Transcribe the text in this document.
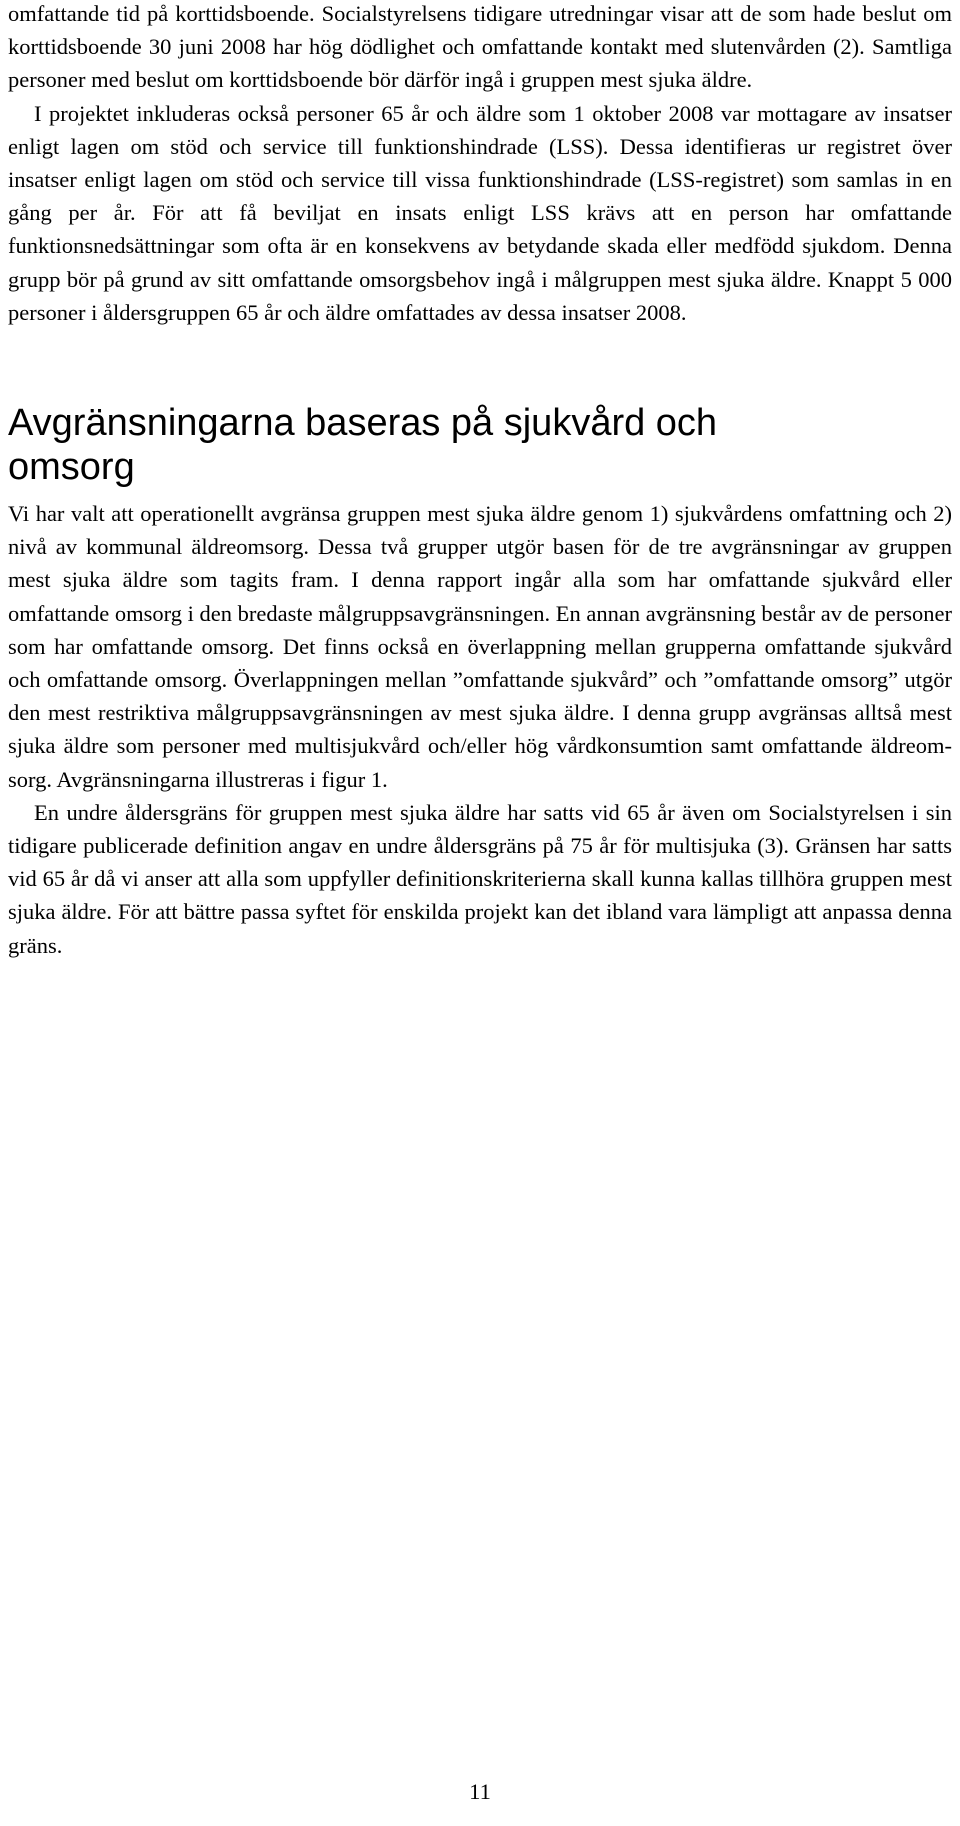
omfattande tid på korttidsboende. Socialstyrelsens tidigare utredningar visar att de som hade beslut om korttidsboende 30 juni 2008 har hög dödlighet och omfattande kontakt med slutenvården (2). Samtliga personer med beslut om korttidsboende bör därför ingå i gruppen mest sjuka äldre.

I projektet inkluderas också personer 65 år och äldre som 1 oktober 2008 var mottagare av insatser enligt lagen om stöd och service till funktionshindrade (LSS). Dessa identifieras ur registret över insatser enligt lagen om stöd och service till vissa funktionshindrade (LSS-registret) som samlas in en gång per år. För att få beviljat en insats enligt LSS krävs att en person har omfattande funktionsnedsättningar som ofta är en konsekvens av betydande skada eller medfödd sjukdom. Denna grupp bör på grund av sitt omfattande omsorgsbehov ingå i målgruppen mest sjuka äldre. Knappt 5 000 personer i åldersgruppen 65 år och äldre omfattades av dessa insatser 2008.

Avgränsningarna baseras på sjukvård och omsorg

Vi har valt att operationellt avgränsa gruppen mest sjuka äldre genom 1) sjukvårdens omfattning och 2) nivå av kommunal äldreomsorg. Dessa två grupper utgör basen för de tre avgränsningar av gruppen mest sjuka äldre som tagits fram. I denna rapport ingår alla som har omfattande sjukvård eller omfattande omsorg i den bredaste målgruppsavgränsningen. En annan avgränsning består av de personer som har omfattande omsorg. Det finns också en överlappning mellan grupperna omfattande sjukvård och omfattande omsorg. Överlappningen mellan ”omfattande sjukvård” och ”omfattande omsorg” utgör den mest restriktiva målgruppsavgränsningen av mest sjuka äldre. I denna grupp avgränsas alltså mest sjuka äldre som personer med multisjukvård och/eller hög vårdkonsumtion samt omfattande äldreomsorg. Avgränsningarna illustreras i figur 1.

En undre åldersgräns för gruppen mest sjuka äldre har satts vid 65 år även om Socialstyrelsen i sin tidigare publicerade definition angav en undre åldersgräns på 75 år för multisjuka (3). Gränsen har satts vid 65 år då vi anser att alla som uppfyller definitionskriterierna skall kunna kallas tillhöra gruppen mest sjuka äldre. För att bättre passa syftet för enskilda projekt kan det ibland vara lämpligt att anpassa denna gräns.

11
